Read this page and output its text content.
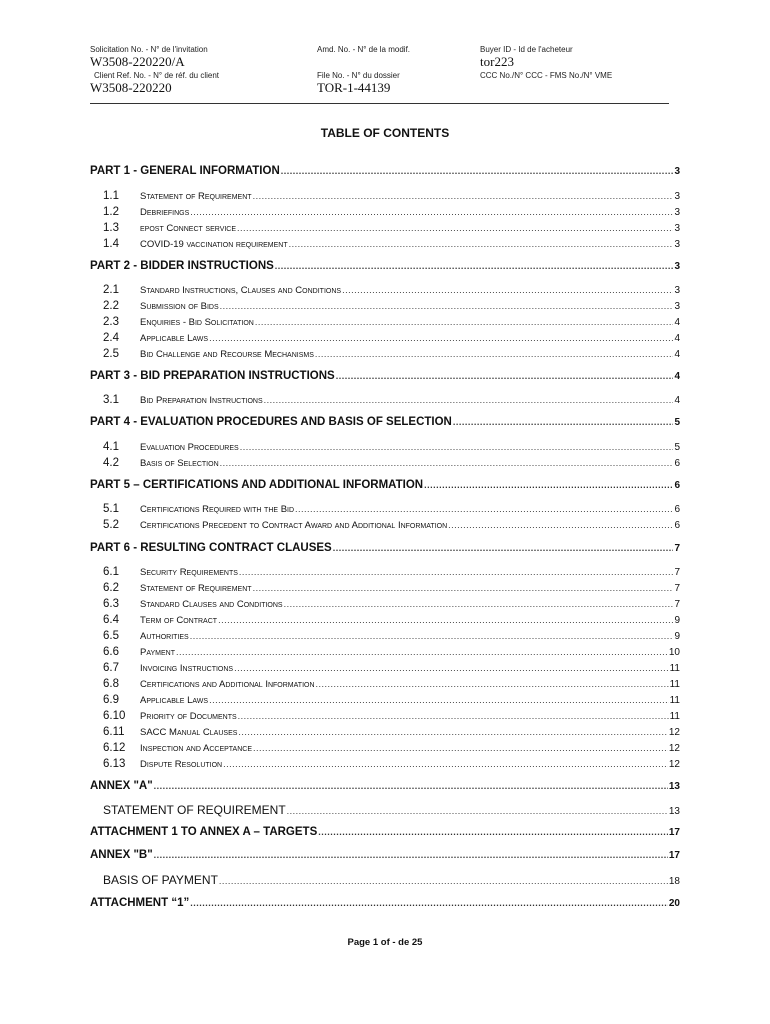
Solicitation No. - N° de l'invitation
W3508-220220/A
Amd. No. - N° de la modif.	Buyer ID - Id de l'acheteur
tor223
Client Ref. No. - N° de réf. du client
W3508-220220
File No. - N° du dossier
TOR-1-44139
CCC No./N° CCC - FMS No./N° VME
TABLE OF CONTENTS
PART 1 - GENERAL INFORMATION .....	3
1.1	Statement of Requirement .....	3
1.2	Debriefings .....	3
1.3	epost Connect service .....	3
1.4	COVID-19 vaccination requirement .....	3
PART 2 - BIDDER INSTRUCTIONS .....	3
2.1	Standard Instructions, Clauses and Conditions .....	3
2.2	Submission of Bids .....	3
2.3	Enquiries - Bid Solicitation .....	4
2.4	Applicable Laws .....	4
2.5	Bid Challenge and Recourse Mechanisms .....	4
PART 3 - BID PREPARATION INSTRUCTIONS .....	4
3.1	Bid Preparation Instructions .....	4
PART 4 - EVALUATION PROCEDURES AND BASIS OF SELECTION .....	5
4.1	Evaluation Procedures .....	5
4.2	Basis of Selection .....	6
PART 5 – CERTIFICATIONS AND ADDITIONAL INFORMATION .....	6
5.1	Certifications Required with the Bid .....	6
5.2	Certifications Precedent to Contract Award and Additional Information .....	6
PART 6 - RESULTING CONTRACT CLAUSES .....	7
6.1	Security Requirements .....	7
6.2	Statement of Requirement .....	7
6.3	Standard Clauses and Conditions .....	7
6.4	Term of Contract .....	9
6.5	Authorities .....	9
6.6	Payment .....	10
6.7	Invoicing Instructions .....	11
6.8	Certifications and Additional Information .....	11
6.9	Applicable Laws .....	11
6.10	Priority of Documents .....	11
6.11	SACC Manual Clauses .....	12
6.12	Inspection and Acceptance .....	12
6.13	Dispute Resolution .....	12
ANNEX "A" .....	13
STATEMENT OF REQUIREMENT .....	13
ATTACHMENT 1 TO ANNEX A – TARGETS .....	17
ANNEX "B" .....	17
BASIS OF PAYMENT .....	18
ATTACHMENT “1” .....	20
Page 1 of - de 25
